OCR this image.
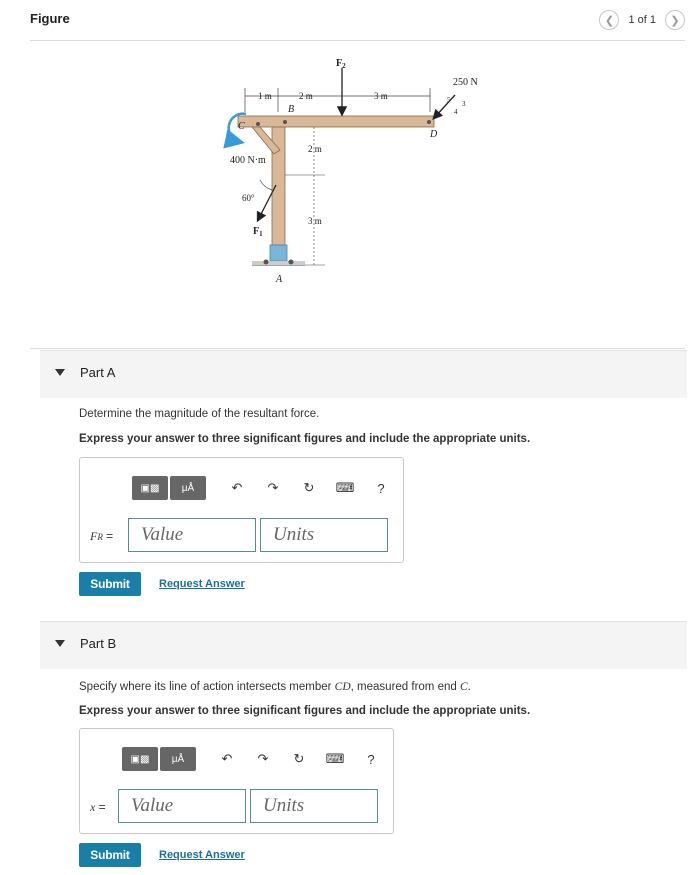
Figure	❮	1 of 1	❯
1 m	2 m	3 m
C
B
D
A
$F_2$
250 N
5 3
4
400 N·m
60°
$F_1$
2 m
3 m
Part A
Determine the magnitude of the resultant force.
Express your answer to three significant figures and include the appropriate units.
▣▩	μÅ	↶	↷	↻	⌨	?
FR =	Value	Units
Submit	Request Answer
Part B
Specify where its line of action intersects member CD, measured from end C.
Express your answer to three significant figures and include the appropriate units.
▣▩	μÅ	↶	↷	↻	⌨	?
x =	Value	Units
Submit	Request Answer
